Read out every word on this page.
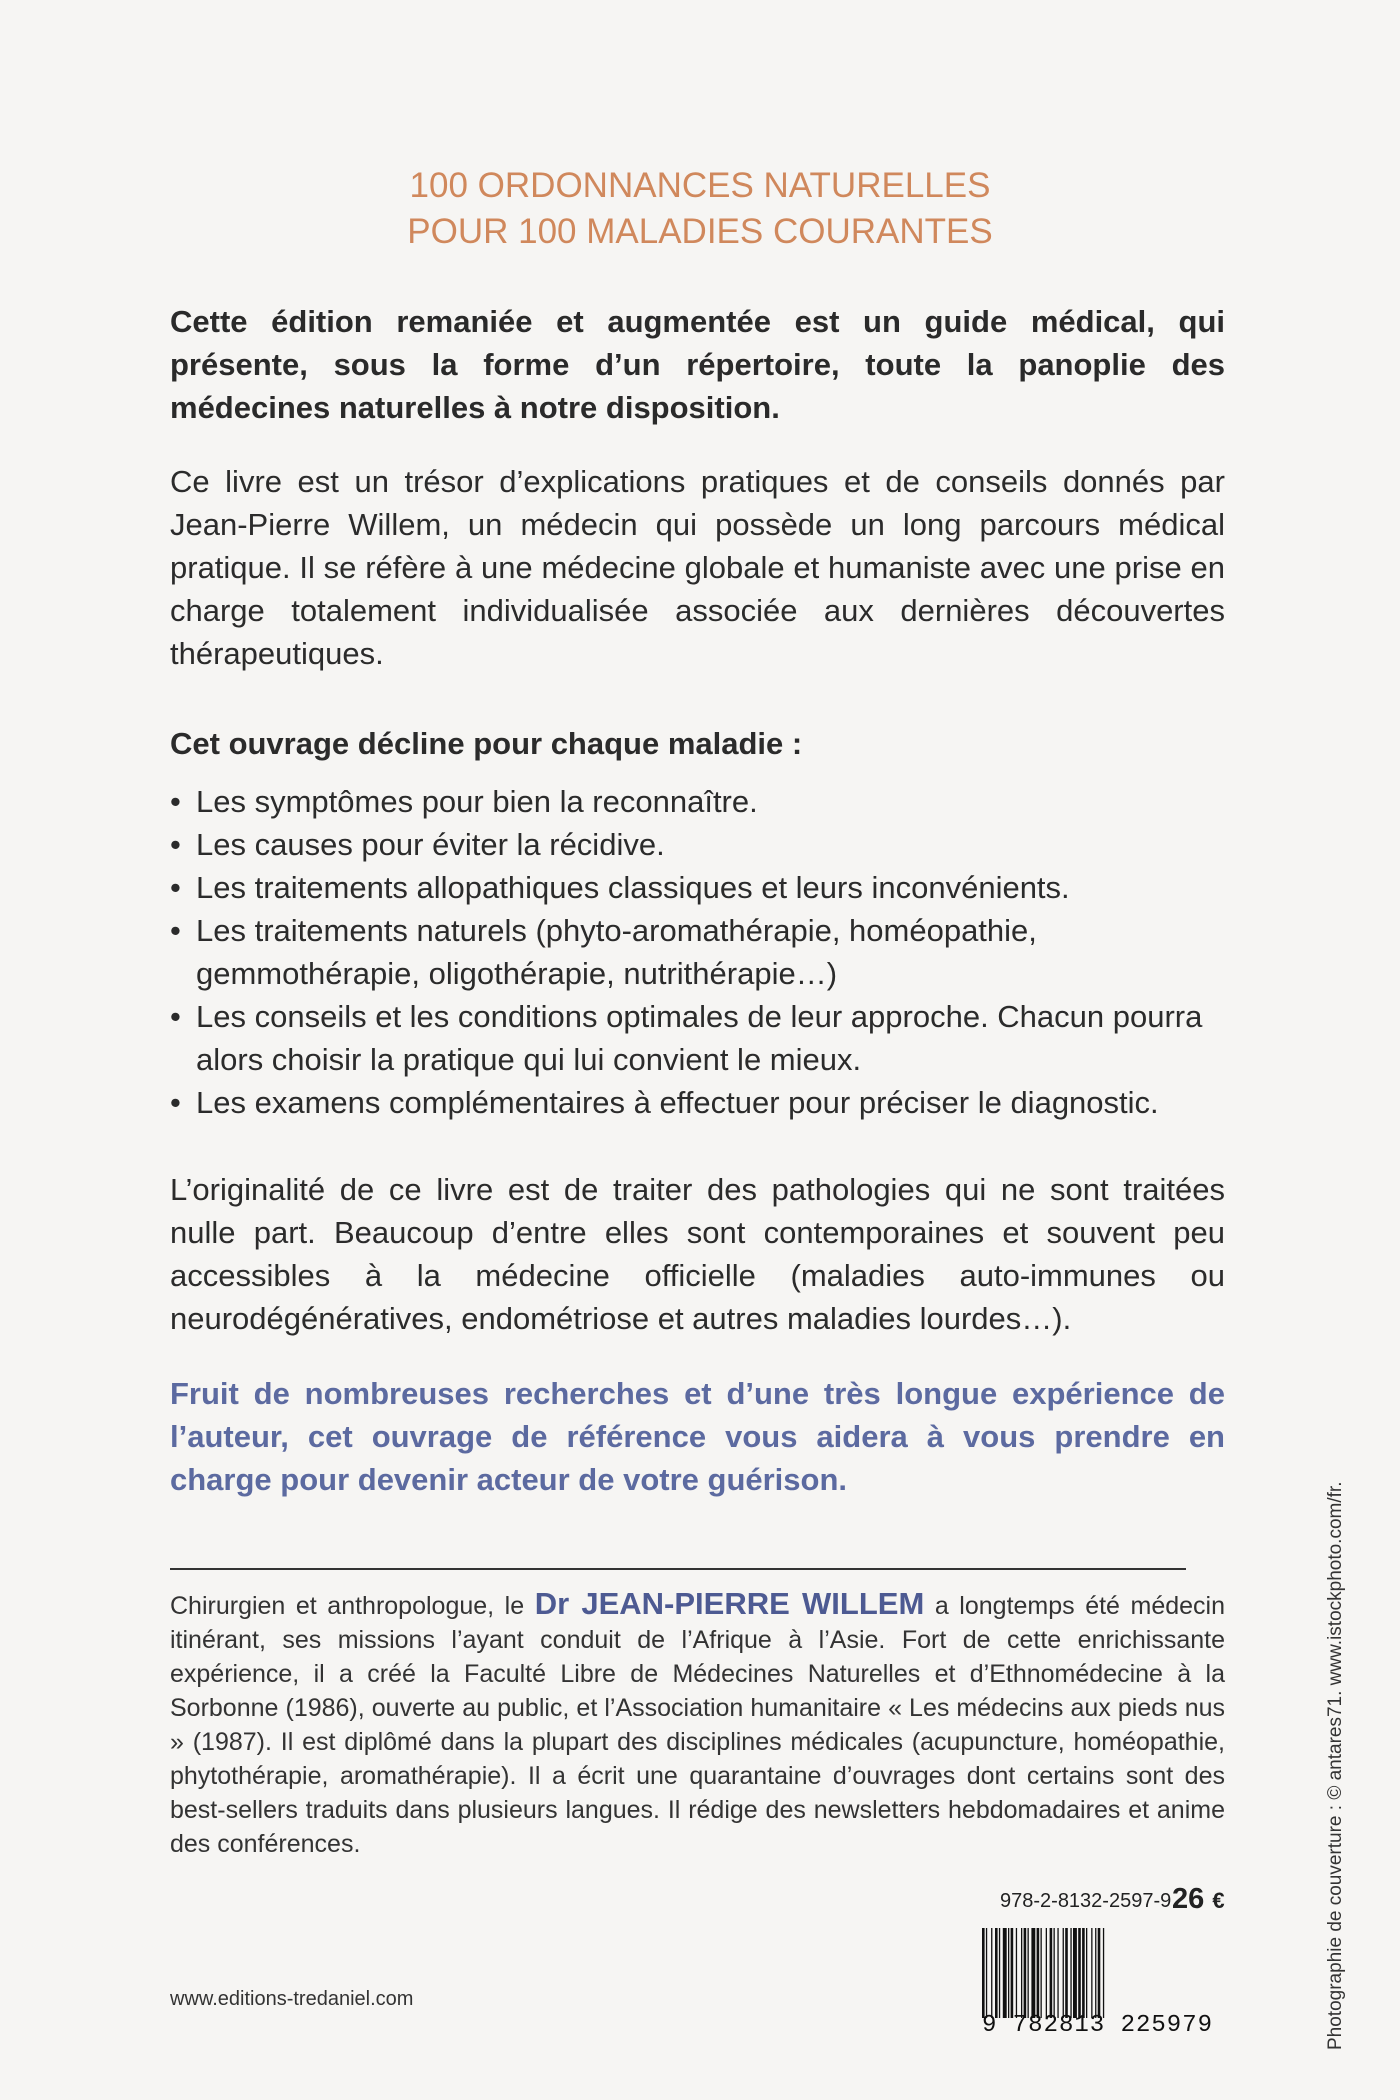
100 ORDONNANCES NATURELLES
POUR 100 MALADIES COURANTES

Cette édition remaniée et augmentée est un guide médical, qui présente, sous la forme d’un répertoire, toute la panoplie des médecines naturelles à notre disposition.

Ce livre est un trésor d’explications pratiques et de conseils donnés par Jean-Pierre Willem, un médecin qui possède un long parcours médical pratique. Il se réfère à une médecine globale et humaniste avec une prise en charge totalement individualisée associée aux dernières découvertes thérapeutiques.

Cet ouvrage décline pour chaque maladie :
• Les symptômes pour bien la reconnaître.
• Les causes pour éviter la récidive.
• Les traitements allopathiques classiques et leurs inconvénients.
• Les traitements naturels (phyto-aromathérapie, homéopathie, gemmothérapie, oligothérapie, nutrithérapie…)
• Les conseils et les conditions optimales de leur approche. Chacun pourra alors choisir la pratique qui lui convient le mieux.
• Les examens complémentaires à effectuer pour préciser le diagnostic.

L’originalité de ce livre est de traiter des pathologies qui ne sont traitées nulle part. Beaucoup d’entre elles sont contemporaines et souvent peu accessibles à la médecine officielle (maladies auto-immunes ou neurodégénératives, endométriose et autres maladies lourdes…).

Fruit de nombreuses recherches et d’une très longue expérience de l’auteur, cet ouvrage de référence vous aidera à vous prendre en charge pour devenir acteur de votre guérison.

Chirurgien et anthropologue, le Dr JEAN-PIERRE WILLEM a longtemps été médecin itinérant, ses missions l’ayant conduit de l’Afrique à l’Asie. Fort de cette enrichissante expérience, il a créé la Faculté Libre de Médecines Naturelles et d’Ethnomédecine à la Sorbonne (1986), ouverte au public, et l’Association humanitaire « Les médecins aux pieds nus » (1987). Il est diplômé dans la plupart des disciplines médicales (acupuncture, homéopathie, phytothérapie, aromathérapie). Il a écrit une quarantaine d’ouvrages dont certains sont des best-sellers traduits dans plusieurs langues. Il rédige des newsletters hebdomadaires et anime des conférences.

978-2-8132-2597-9 26 €
9 782813 225979
www.editions-tredaniel.com	Photographie de couverture : © antares71. www.istockphoto.com/fr.
